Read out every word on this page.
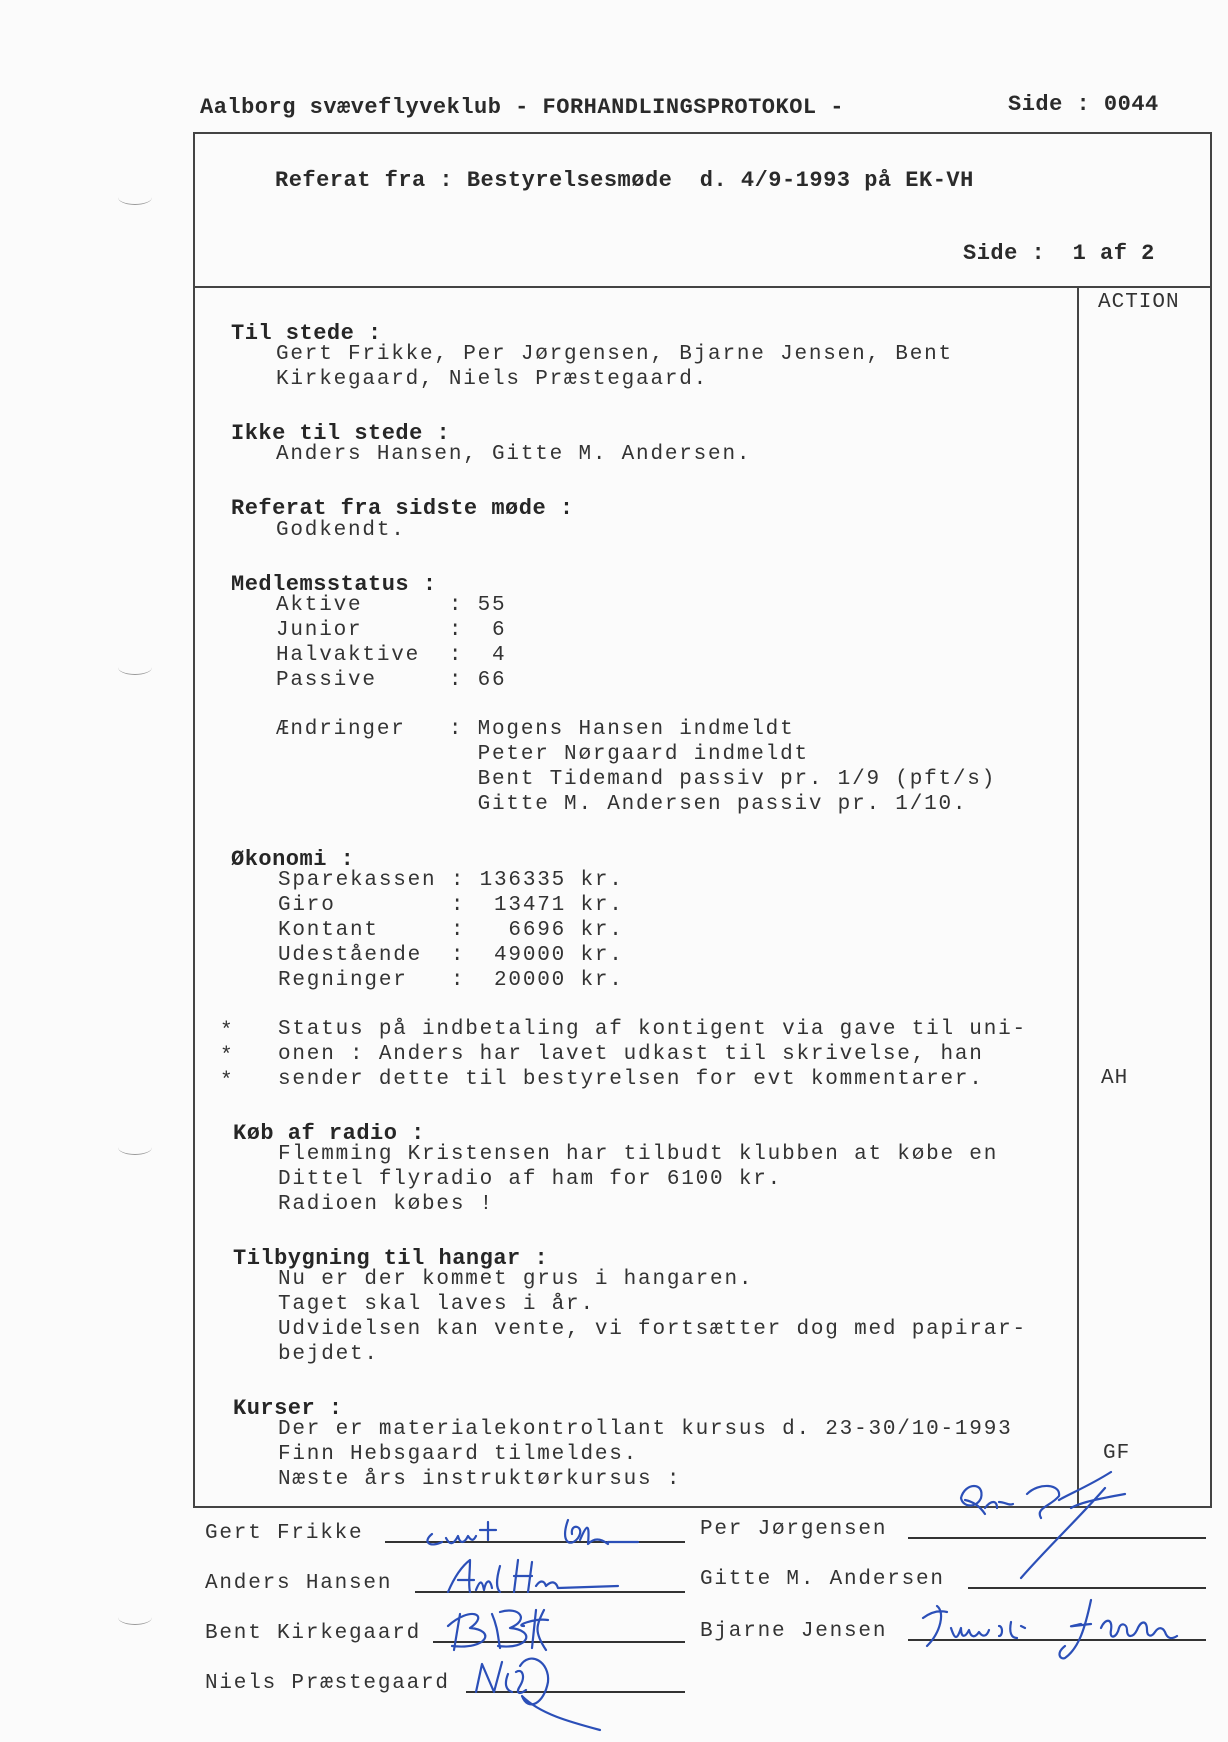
Aalborg svæveflyveklub - FORHANDLINGSPROTOKOL -	Side : 0044
Referat fra : Bestyrelsesmøde  d. 4/9-1993 på EK-VH
Side :  1 af 2
ACTION
Til stede :
Gert Frikke, Per Jørgensen, Bjarne Jensen, Bent
Kirkegaard, Niels Præstegaard.
Ikke til stede :
Anders Hansen, Gitte M. Andersen.
Referat fra sidste møde :
Godkendt.
Medlemsstatus :
Aktive      : 55
Junior      :  6
Halvaktive  :  4
Passive     : 66
Ændringer   : Mogens Hansen indmeldt
Peter Nørgaard indmeldt
Bent Tidemand passiv pr. 1/9 (pft/s)
Gitte M. Andersen passiv pr. 1/10.
Økonomi :
Sparekassen : 136335 kr.
Giro        :  13471 kr.
Kontant     :   6696 kr.
Udestående  :  49000 kr.
Regninger   :  20000 kr.
*
*
*
Status på indbetaling af kontigent via gave til uni-
onen : Anders har lavet udkast til skrivelse, han
sender dette til bestyrelsen for evt kommentarer.	AH
Køb af radio :
Flemming Kristensen har tilbudt klubben at købe en
Dittel flyradio af ham for 6100 kr.
Radioen købes !
Tilbygning til hangar :
Nu er der kommet grus i hangaren.
Taget skal laves i år.
Udvidelsen kan vente, vi fortsætter dog med papirar-
bejdet.
Kurser :
Der er materialekontrollant kursus d. 23-30/10-1993
Finn Hebsgaard tilmeldes.
Næste års instruktørkursus :
GF
Gert Frikke
Anders Hansen
Bent Kirkegaard
Niels Præstegaard
Per Jørgensen
Gitte M. Andersen
Bjarne Jensen
